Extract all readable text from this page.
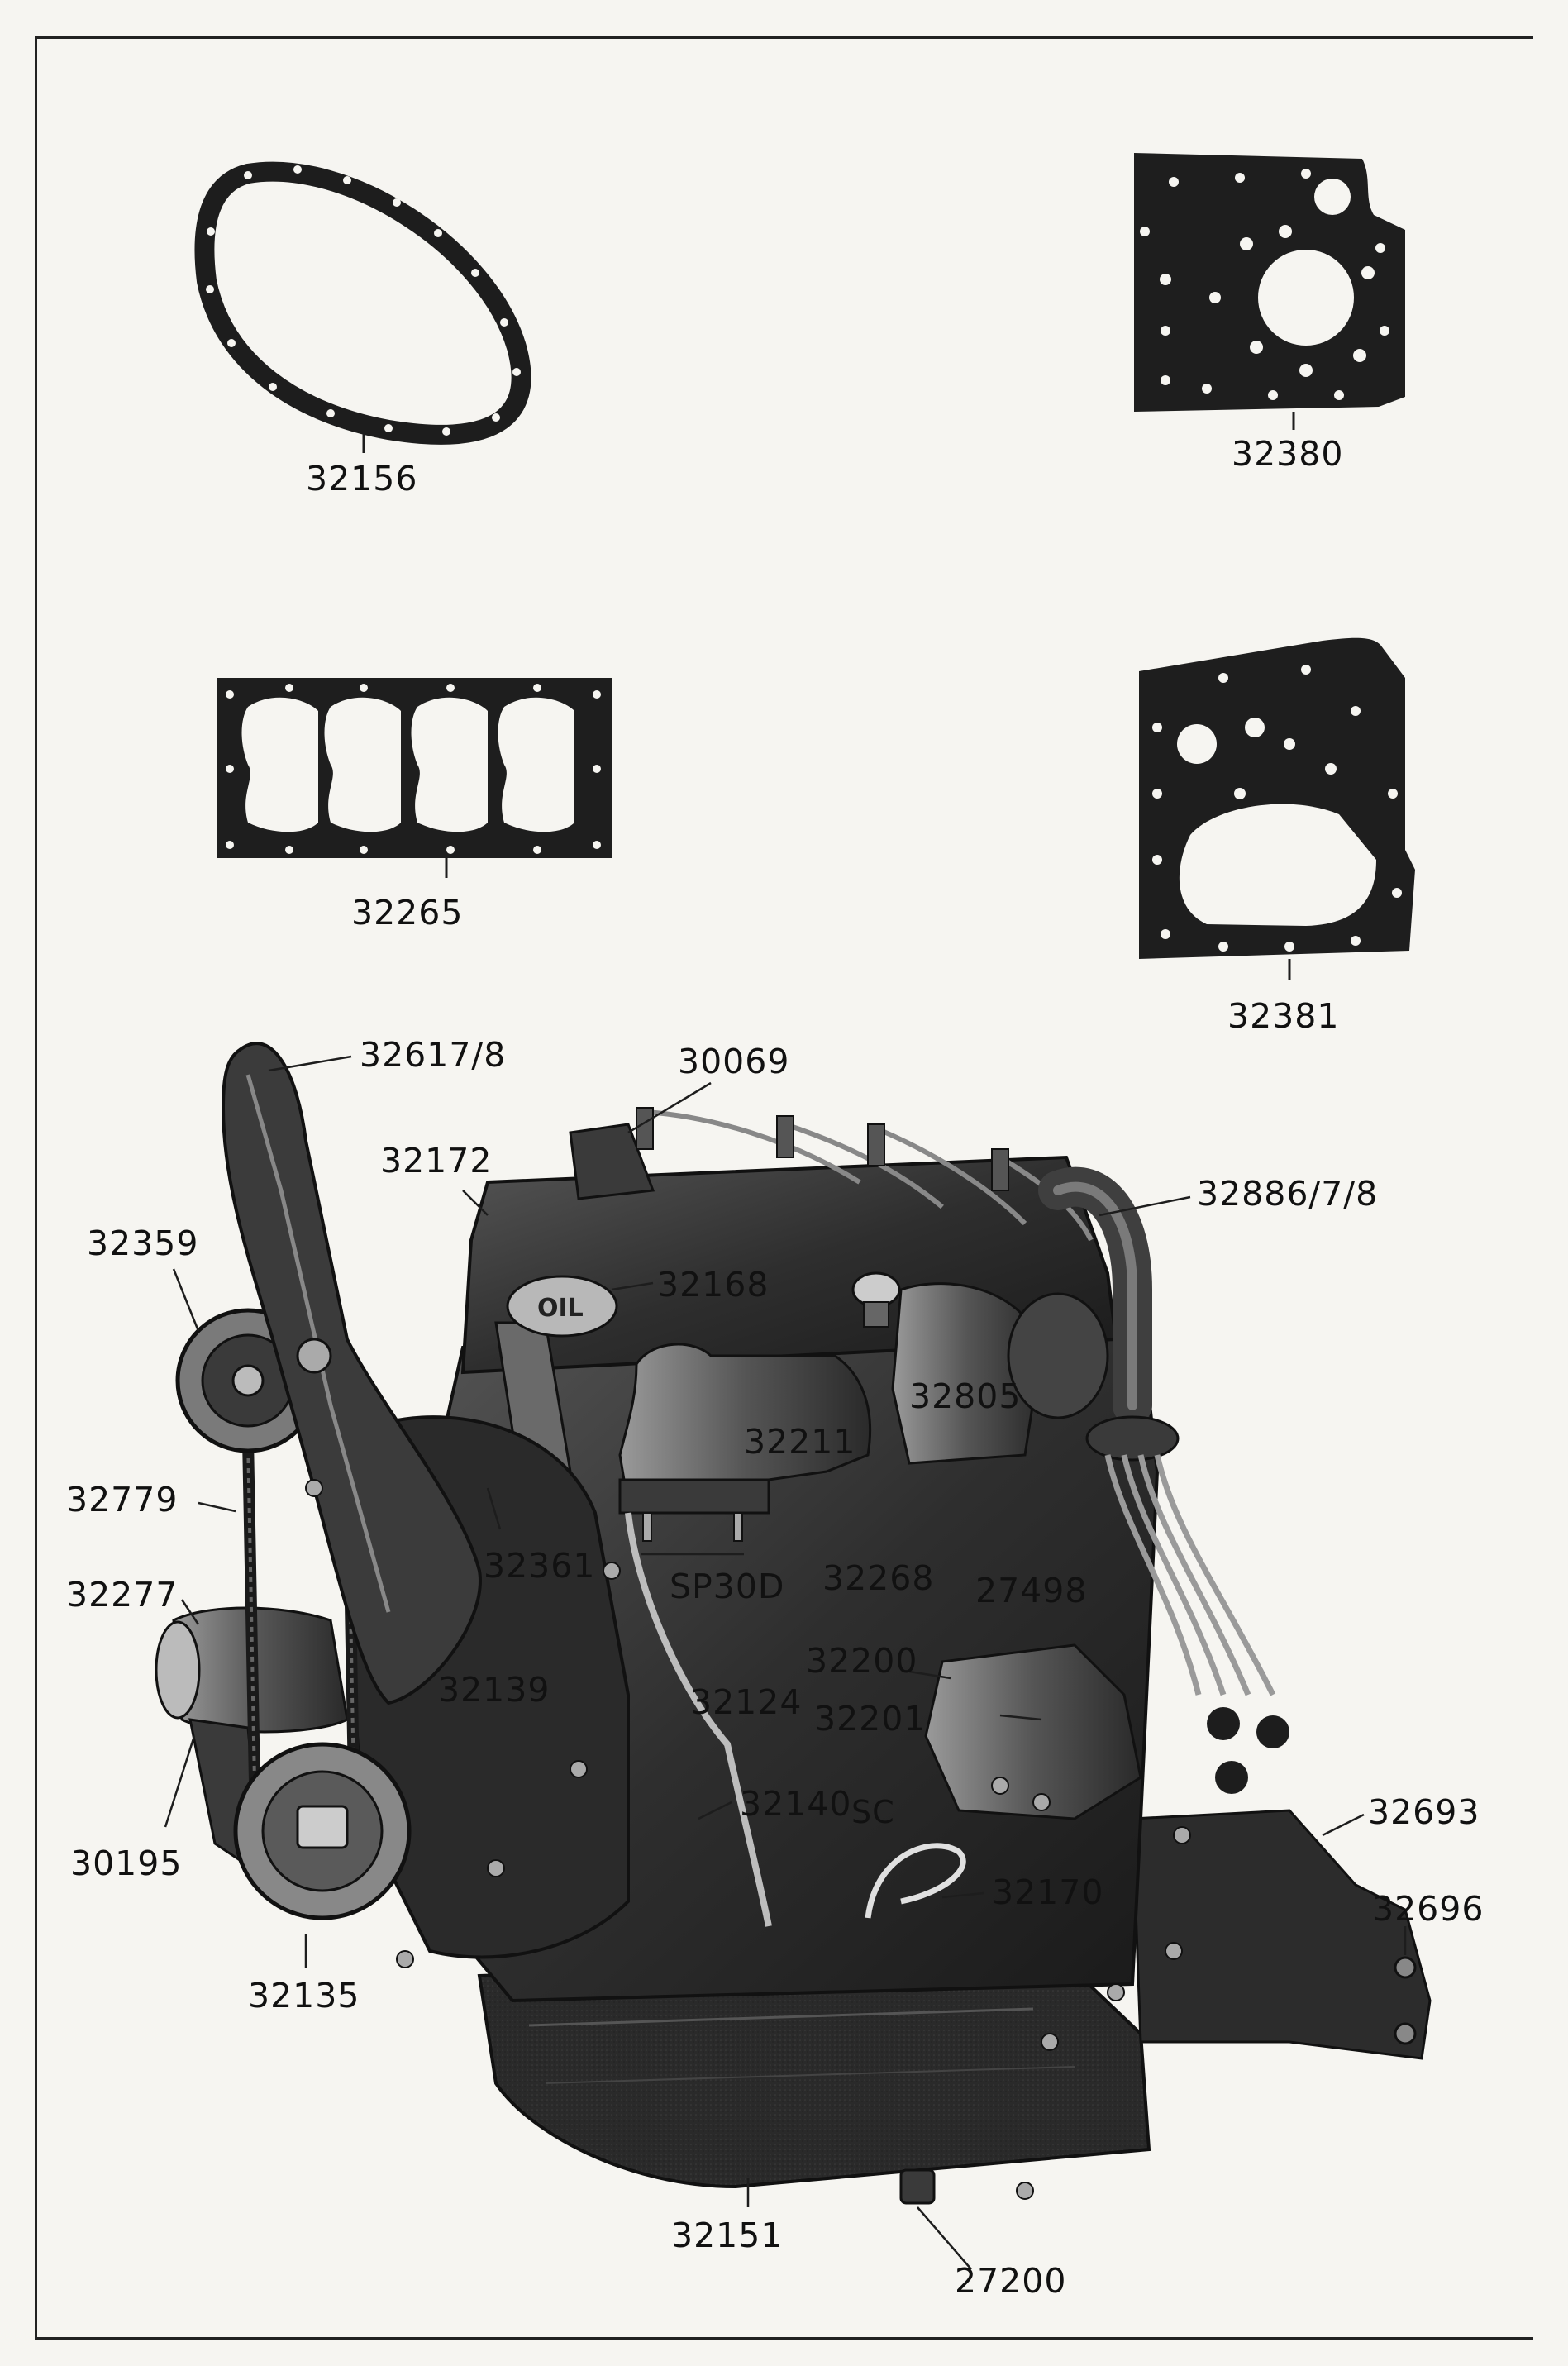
OIL
32156
32380
32265
32381
32617/8	30069
32172
32359
32168
32886/7/8
32805
32211
32779
32277
32361
SP30D 32268 27498
32200
32201
32139	32124
30195
32140 SC
32170
32693
32696
32135
32151
27200
